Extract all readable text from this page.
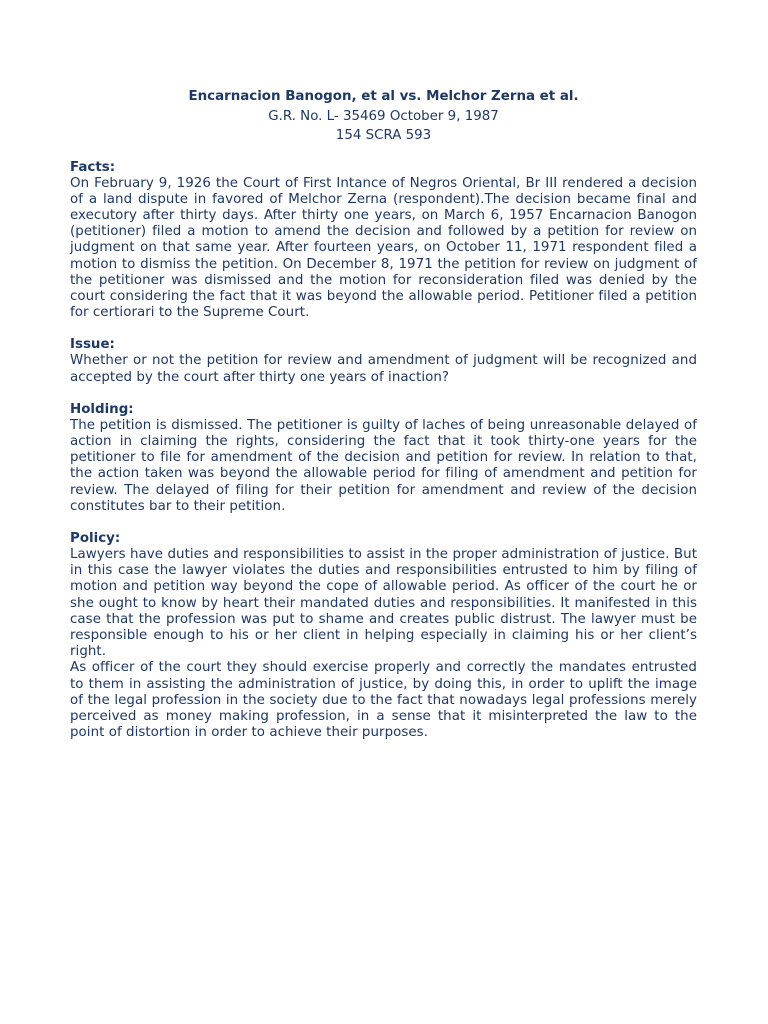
Encarnacion Banogon, et al vs. Melchor Zerna et al.
G.R. No. L- 35469 October 9, 1987
154 SCRA 593
Facts:

On February 9, 1926 the Court of First Intance of Negros Oriental, Br III rendered a decision of a land dispute in favored of Melchor Zerna (respondent).The decision became final and executory after thirty days. After thirty one years, on March 6, 1957 Encarnacion Banogon (petitioner) filed a motion to amend the decision and followed by a petition for review on judgment on that same year. After fourteen years, on October 11, 1971 respondent filed a motion to dismiss the petition. On December 8, 1971 the petition for review on judgment of the petitioner was dismissed and the motion for reconsideration filed was denied by the court considering the fact that it was beyond the allowable period. Petitioner filed a petition for certiorari to the Supreme Court.

Issue:

Whether or not the petition for review and amendment of judgment will be recognized and accepted by the court after thirty one years of inaction?

Holding:

The petition is dismissed. The petitioner is guilty of laches of being unreasonable delayed of action in claiming the rights, considering the fact that it took thirty-one years for the petitioner to file for amendment of the decision and petition for review. In relation to that, the action taken was beyond the allowable period for filing of amendment and petition for review. The delayed of filing for their petition for amendment and review of the decision constitutes bar to their petition.

Policy:

Lawyers have duties and responsibilities to assist in the proper administration of justice. But in this case the lawyer violates the duties and responsibilities entrusted to him by filing of motion and petition way beyond the cope of allowable period. As officer of the court he or she ought to know by heart their mandated duties and responsibilities. It manifested in this case that the profession was put to shame and creates public distrust. The lawyer must be responsible enough to his or her client in helping especially in claiming his or her client’s right.

As officer of the court they should exercise properly and correctly the mandates entrusted to them in assisting the administration of justice, by doing this, in order to uplift the image of the legal profession in the society due to the fact that nowadays legal professions merely perceived as money making profession, in a sense that it misinterpreted the law to the point of distortion in order to achieve their purposes.
